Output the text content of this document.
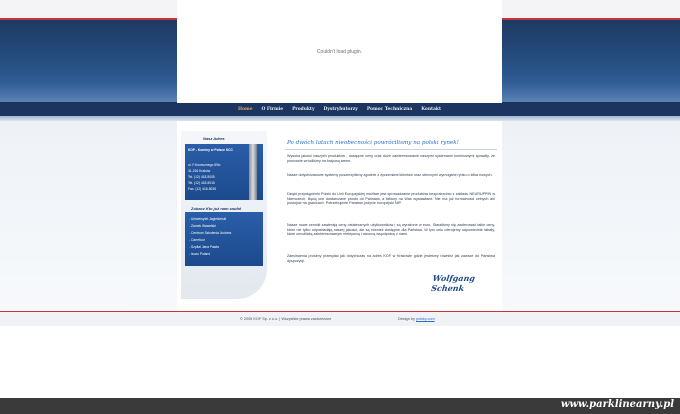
Couldn't load plugin.
Home O Firmie Produkty Dystrybutorzy Pomoc Techniczna Kontakt
Nasz Adres
KOF - Kominy w Polsce SCC
ul. F.Konecznego 6/5c
31-216 Kraków
Tel. (12) 418-5005
Tel. (12) 418-5015
Fax. (12) 418-5035
Zobacz Kto już nam zaufał
- Uniwersytet Jagielloński
- Zamek Wawelski
- Centrum Szkolenia Junkers
- Carrefour
- Szpital Jana Pawła
- Isuzu Poland
Po dwóch latach nieobecności powróciłismy na polski rynek!

Wysoka jakość naszych produktów , dostępne ceny oraz duże zainteresowanie naszymi systemami kominowymi sprawiły, że ponownie wróciliśmy na krajową arene.

Nasze dotychczasowe systemy poszerzyliśmy zgodnie z życzeniami klientów oraz obecnymi wymogami rynku o kilka nowych.

Dzięki przystąpieniu Polski do Unii Europejskiej możliwe jest sprowadzanie produktów bezpośrednio z zakładu NEURUPPIN w Niemczech. Będą one dostarczane prosto do Państwa, a faktury na Was wystawiane. Nie ma już formalności celnych ani postojów na granicach. Potrzebujecie Państwo jedynie europejski NIP.

Nasze nowe cenniki zawierają ceny ostatecznych użytkowników i są wyrażone w euro. Staraliśmy się zaoferować takie ceny, które nie tylko odpowiadają naszej jakości, ale są również dostępne dla Państwa. W tym celu oferujemy odpowiednie rabaty, które umożliwią zainteresowanym efektywną i owocną współpracę z nami.

Zamówienia prosimy przesyłać jak dotychczas na adres KOF w Krakowie gdzie jesteśmy również jak zawsze do Państwa dyspozycji.

Wolfgang Schenk
© 2005 KOF Sp. z o.o. | Wszystkie prawa zastrzeżone	Design by polsky.com
www.parklinearny.pl
